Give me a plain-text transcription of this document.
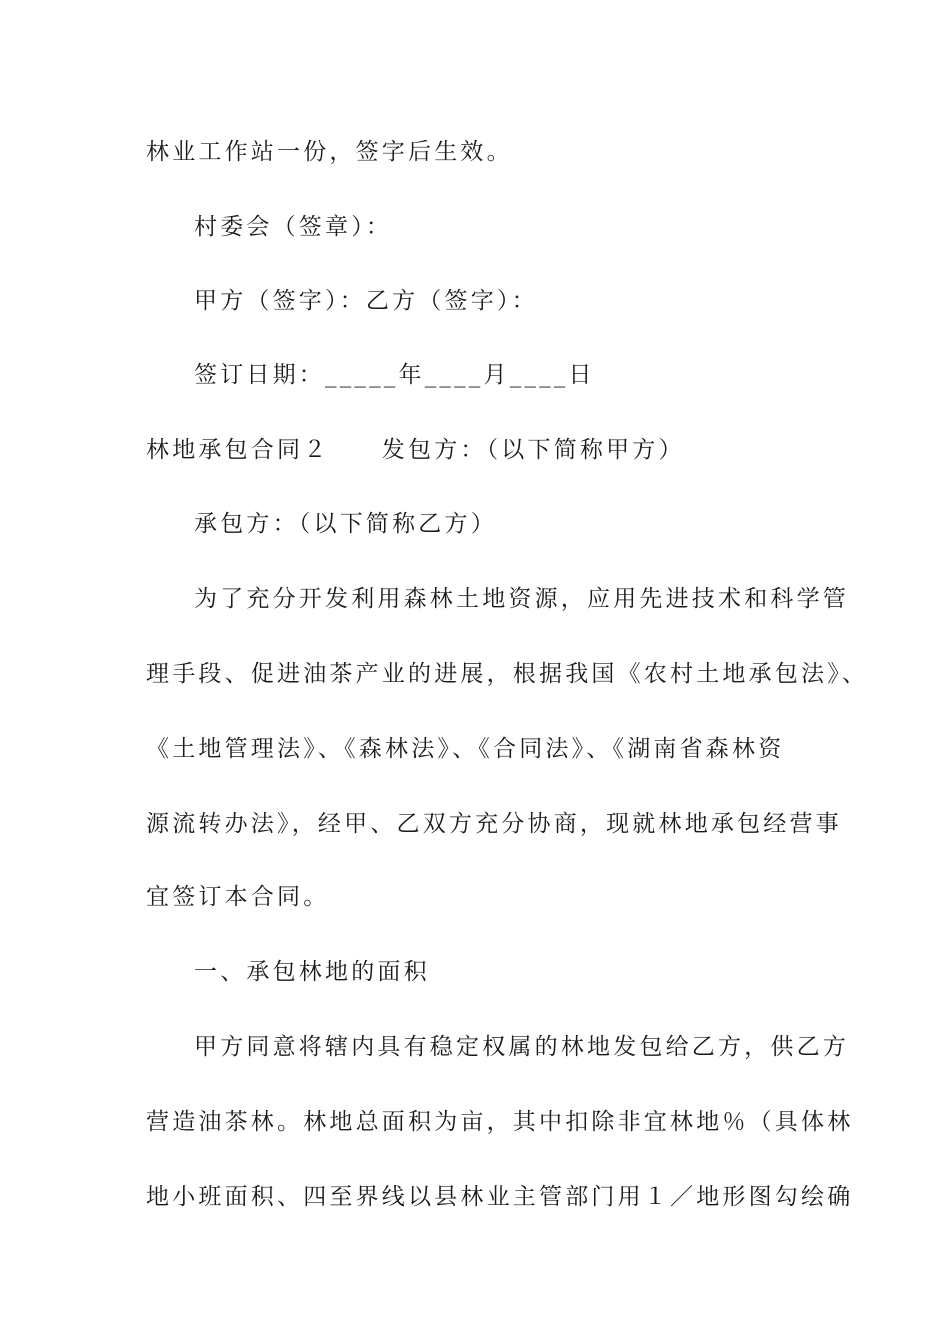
林业工作站一份，签字后生效。
村委会（签章）：
甲方（签字）：乙方（签字）：
签订日期：_____年____月____日
林地承包合同２　　发包方：（以下简称甲方）
承包方：（以下简称乙方）
为了充分开发利用森林土地资源，应用先进技术和科学管
理手段、促进油茶产业的进展，根据我国《农村土地承包法》、
《土地管理法》、《森林法》、《合同法》、《湖南省森林资
源流转办法》，经甲、乙双方充分协商，现就林地承包经营事
宜签订本合同。
一、承包林地的面积
甲方同意将辖内具有稳定权属的林地发包给乙方，供乙方
营造油茶林。林地总面积为亩，其中扣除非宜林地％（具体林
地小班面积、四至界线以县林业主管部门用１／地形图勾绘确
